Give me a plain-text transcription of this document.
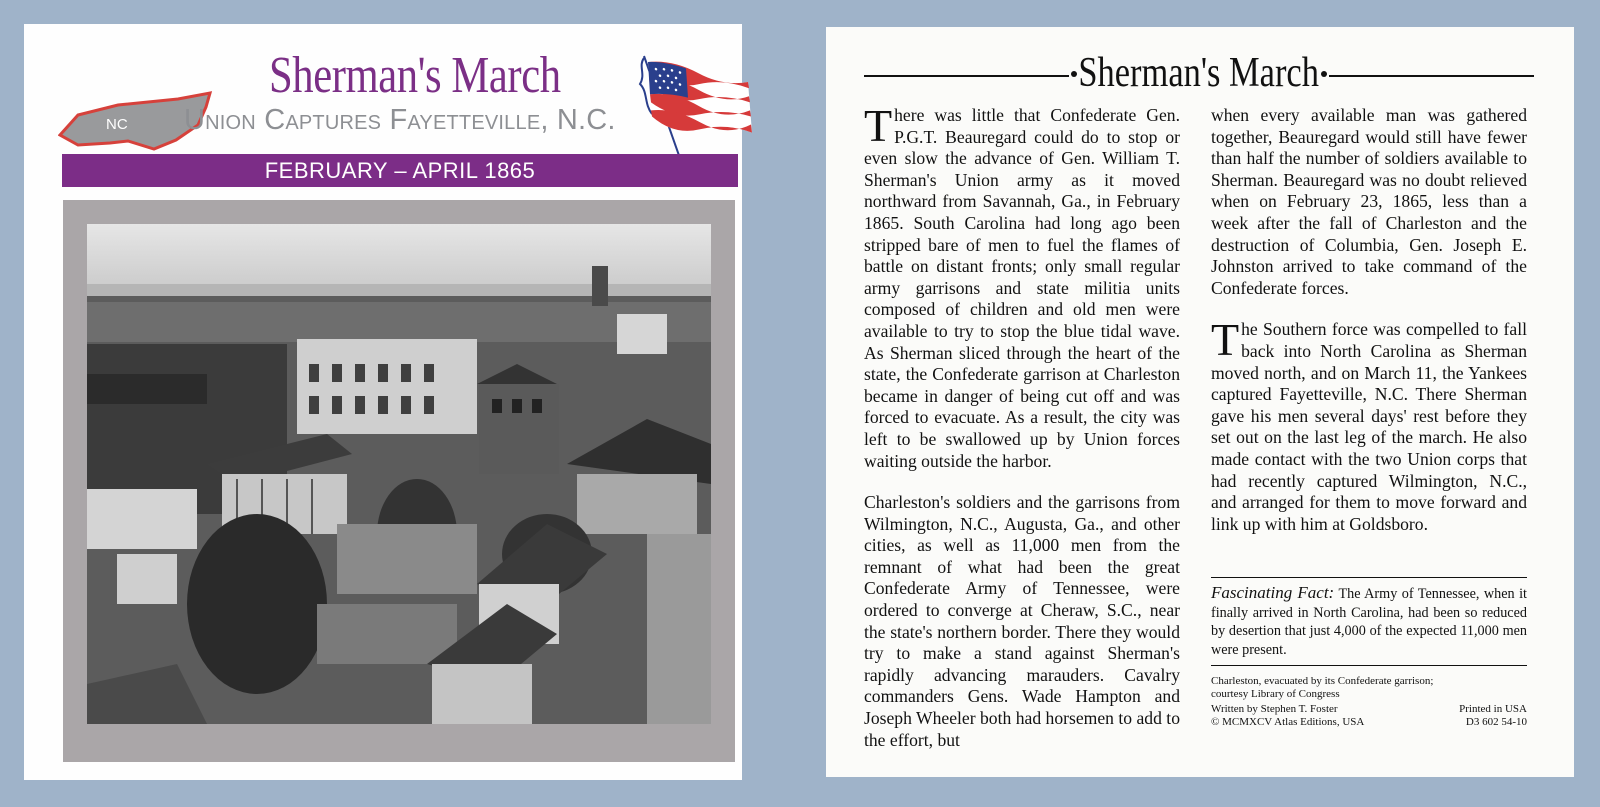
NC
Sherman's March
Union Captures Fayetteville, N.C.
FEBRUARY – APRIL 1865
Sherman's March

There was little that Confederate Gen. P.G.T. Beauregard could do to stop or even slow the advance of Gen. William T. Sherman's Union army as it moved northward from Savannah, Ga., in February 1865. South Carolina had long ago been stripped bare of men to fuel the flames of battle on distant fronts; only small regular army garrisons and state militia units composed of children and old men were available to try to stop the blue tidal wave. As Sherman sliced through the heart of the state, the Confederate garrison at Charleston became in danger of being cut off and was forced to evacuate. As a result, the city was left to be swallowed up by Union forces waiting outside the harbor.

Charleston's soldiers and the garrisons from Wilmington, N.C., Augusta, Ga., and other cities, as well as 11,000 men from the remnant of what had been the great Confederate Army of Tennessee, were ordered to converge at Cheraw, S.C., near the state's northern border. There they would try to make a stand against Sherman's rapidly advancing marauders. Cavalry commanders Gens. Wade Hampton and Joseph Wheeler both had horsemen to add to the effort, but

when every available man was gathered together, Beauregard would still have fewer than half the number of soldiers available to Sherman. Beauregard was no doubt relieved when on February 23, 1865, less than a week after the fall of Charleston and the destruction of Columbia, Gen. Joseph E. Johnston arrived to take command of the Confederate forces.

The Southern force was compelled to fall back into North Carolina as Sherman moved north, and on March 11, the Yankees captured Fayetteville, N.C. There Sherman gave his men several days' rest before they set out on the last leg of the march. He also made contact with the two Union corps that had recently captured Wilmington, N.C., and arranged for them to move forward and link up with him at Goldsboro.

Fascinating Fact: The Army of Tennessee, when it finally arrived in North Carolina, had been so reduced by desertion that just 4,000 of the expected 11,000 men were present.
Charleston, evacuated by its Confederate garrison; courtesy Library of Congress
Written by Stephen T. Foster	Printed in USA
© MCMXCV Atlas Editions, USA	D3 602 54-10
